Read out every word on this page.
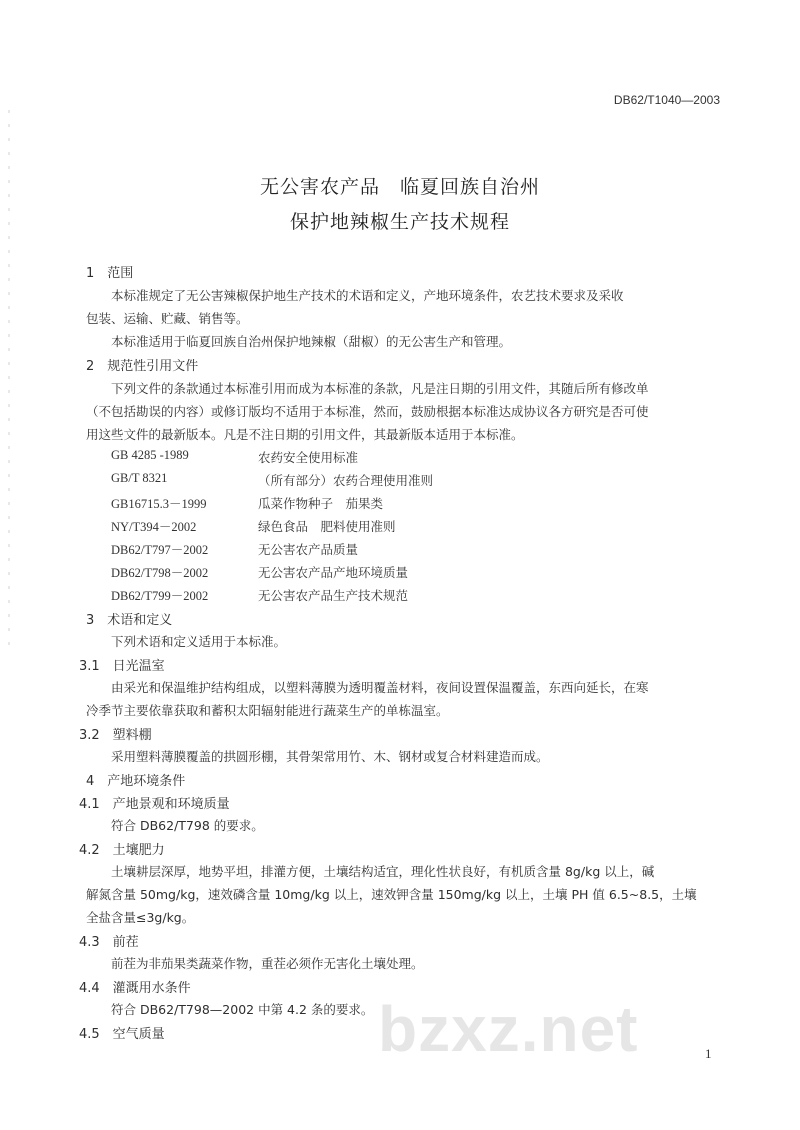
DB62/T1040—2003
无公害农产品　临夏回族自治州
保护地辣椒生产技术规程
1　范围
本标准规定了无公害辣椒保护地生产技术的术语和定义，产地环境条件，农艺技术要求及采收
包装、运输、贮藏、销售等。
本标准适用于临夏回族自治州保护地辣椒（甜椒）的无公害生产和管理。
2　规范性引用文件
下列文件的条款通过本标准引用而成为本标准的条款，凡是注日期的引用文件，其随后所有修改单
（不包括勘误的内容）或修订版均不适用于本标准，然而，鼓励根据本标准达成协议各方研究是否可使
用这些文件的最新版本。凡是不注日期的引用文件，其最新版本适用于本标准。
GB 4285 -1989	农药安全使用标准
GB/T 8321	（所有部分）农药合理使用准则
GB16715.3－1999	瓜菜作物种子　茄果类
NY/T394－2002	绿色食品　肥料使用准则
DB62/T797－2002	无公害农产品质量
DB62/T798－2002	无公害农产品产地环境质量
DB62/T799－2002	无公害农产品生产技术规范
3　术语和定义
下列术语和定义适用于本标准。
3.1　日光温室
由采光和保温维护结构组成，以塑料薄膜为透明覆盖材料，夜间设置保温覆盖，东西向延长，在寒
冷季节主要依靠获取和蓄积太阳辐射能进行蔬菜生产的单栋温室。
3.2　塑料棚
采用塑料薄膜覆盖的拱圆形棚，其骨架常用竹、木、钢材或复合材料建造而成。
4　产地环境条件
4.1　产地景观和环境质量
符合 DB62/T798 的要求。
4.2　土壤肥力
土壤耕层深厚，地势平坦，排灌方便，土壤结构适宜，理化性状良好，有机质含量 8g/kg 以上，碱
解氮含量 50mg/kg，速效磷含量 10mg/kg 以上，速效钾含量 150mg/kg 以上，土壤 PH 值 6.5~8.5，土壤
全盐含量≤3g/kg。
4.3　前茬
前茬为非茄果类蔬菜作物，重茬必须作无害化土壤处理。
4.4　灌溉用水条件
符合 DB62/T798—2002 中第 4.2 条的要求。
4.5　空气质量	bzxz.net	1
